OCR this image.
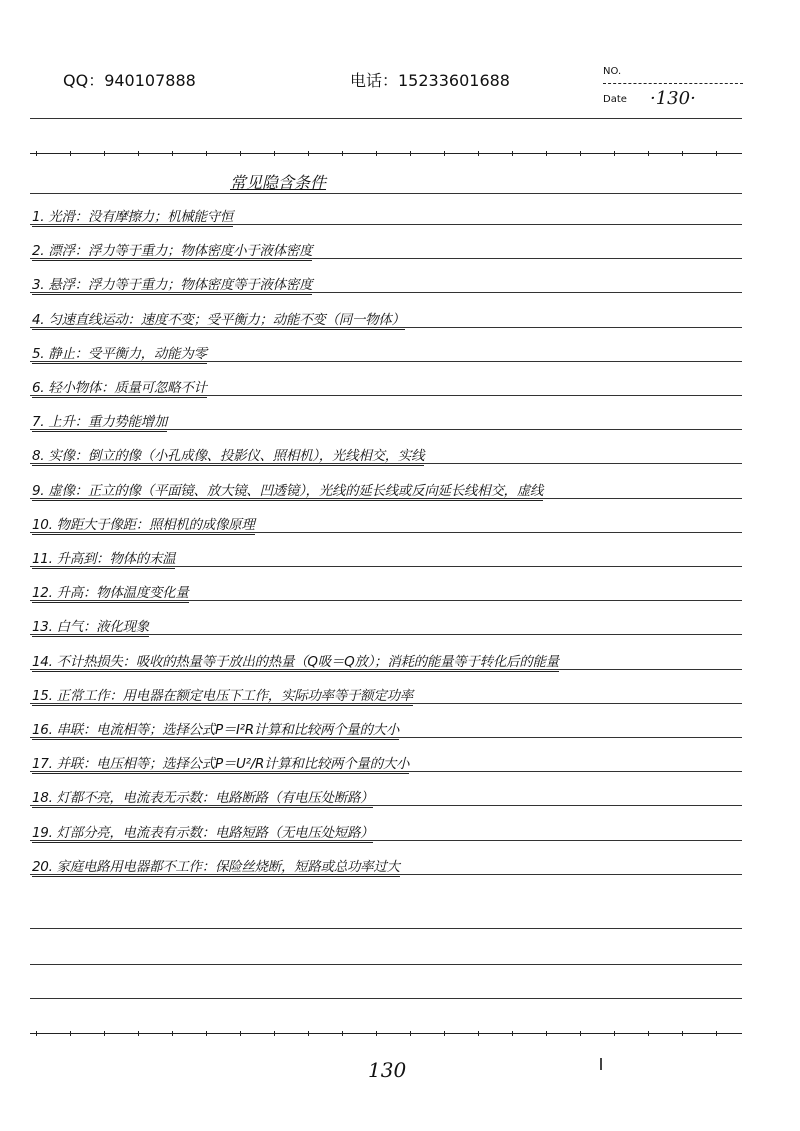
QQ：940107888	电话：15233601688	NO.
Date ·130·
常见隐含条件
1. 光滑：没有摩擦力；机械能守恒
2. 漂浮：浮力等于重力；物体密度小于液体密度
3. 悬浮：浮力等于重力；物体密度等于液体密度
4. 匀速直线运动：速度不变；受平衡力；动能不变（同一物体）
5. 静止：受平衡力，动能为零
6. 轻小物体：质量可忽略不计
7. 上升：重力势能增加
8. 实像：倒立的像（小孔成像、投影仪、照相机），光线相交，实线
9. 虚像：正立的像（平面镜、放大镜、凹透镜），光线的延长线或反向延长线相交，虚线
10. 物距大于像距：照相机的成像原理
11. 升高到：物体的末温
12. 升高：物体温度变化量
13. 白气：液化现象
14. 不计热损失：吸收的热量等于放出的热量（Q吸＝Q放）；消耗的能量等于转化后的能量
15. 正常工作：用电器在额定电压下工作，实际功率等于额定功率
16. 串联：电流相等；选择公式P＝I²R计算和比较两个量的大小
17. 并联：电压相等；选择公式P＝U²/R计算和比较两个量的大小
18. 灯都不亮，电流表无示数：电路断路（有电压处断路）
19. 灯部分亮，电流表有示数：电路短路（无电压处短路）
20. 家庭电路用电器都不工作：保险丝烧断，短路或总功率过大
130
